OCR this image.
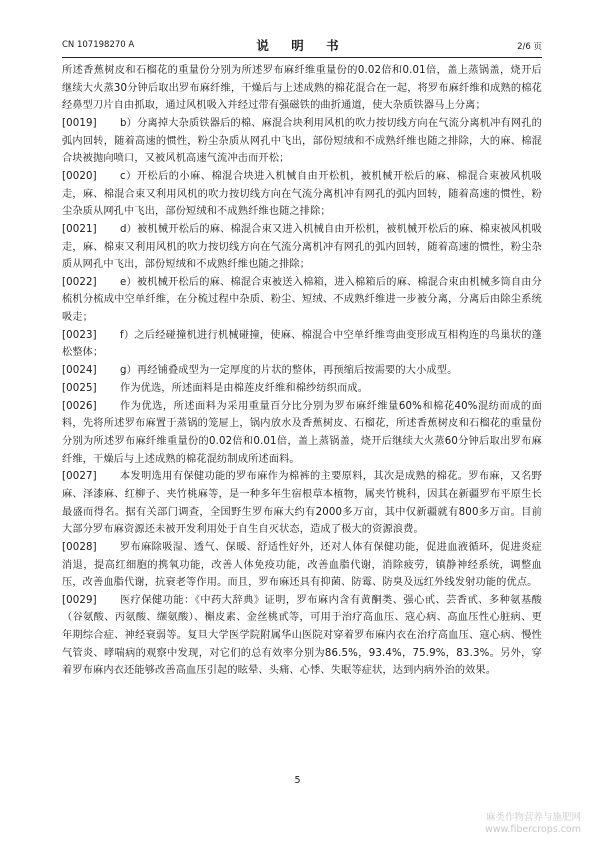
CN 107198270 A	说 明 书	2/6 页

所述香蕉树皮和石榴花的重量份分别为所述罗布麻纤维重量份的0.02倍和0.01倍，盖上蒸锅盖，烧开后继续大火蒸30分钟后取出罗布麻纤维，干燥后与上述成熟的棉花混合在一起，将罗布麻纤维和成熟的棉花经鼻型刀片自由抓取，通过风机吸入并经过带有强磁铁的曲折通道，使大杂质铁器马上分离；

[0019] b）分离掉大杂质铁器后的棉、麻混合块利用风机的吹力按切线方向在气流分离机冲有网孔的弧内回转，随着高速的惯性，粉尘杂质从网孔中飞出，部份短绒和不成熟纤维也随之排除，大的麻、棉混合块被抛向喷口，又被风机高速气流冲击而开松；
[0020] c）开松后的小麻、棉混合块进入机械自由开松机，被机械开松后的麻、棉混合束被风机吸走，麻、棉混合束又利用风机的吹力按切线方向在气流分离机冲有网孔的弧内回转，随着高速的惯性，粉尘杂质从网孔中飞出，部份短绒和不成熟纤维也随之排除；
[0021] d）被机械开松后的麻、棉混合束又进入机械自由开松机，被机械开松后的麻、棉束被风机吸走，麻、棉束又利用风机的吹力按切线方向在气流分离机冲有网孔的弧内回转，随着高速的惯性，粉尘杂质从网孔中飞出，部份短绒和不成熟纤维也随之排除；
[0022] e）被机械开松后的麻、棉混合束被送入棉箱，进入棉箱后的麻、棉混合束由机械多筒自由分梳机分梳成中空单纤维，在分梳过程中杂质、粉尘、短绒、不成熟纤维进一步被分离，分离后由除尘系统吸走；
[0023] f）之后经碰撞机进行机械碰撞，使麻、棉混合中空单纤维弯曲变形成互相构连的鸟巢状的蓬松整体；
[0024] g）再经铺叠成型为一定厚度的片状的整体，再预缩后按需要的大小成型。
[0025] 作为优选，所述面料是由棉莲皮纤维和棉纱纺织而成。
[0026] 作为优选，所述面料为采用重量百分比分别为罗布麻纤维量60%和棉花40%混纺而成的面料，先将所述罗布麻置于蒸锅的笼屉上，锅内放水及香蕉树皮、石榴花，所述香蕉树皮和石榴花的重量份分别为所述罗布麻纤维重量份的0.02倍和0.01倍，盖上蒸锅盖，烧开后继续大火蒸60分钟后取出罗布麻纤维，干燥后与上述成熟的棉花混纺制成所述面料。
[0027] 本发明选用有保健功能的罗布麻作为棉裤的主要原料，其次是成熟的棉花。罗布麻，又名野麻、泽漆麻、红柳子、夹竹桃麻等，是一种多年生宿根草本植物，属夹竹桃科，因其在新疆罗布平原生长最盛而得名。据有关部门调查，全国野生罗布麻大约有2000多万亩，其中仅新疆就有800多万亩。目前大部分罗布麻资源还未被开发利用处于自生自灭状态，造成了极大的资源浪费。
[0028] 罗布麻除吸湿、透气、保暖、舒适性好外，还对人体有保健功能，促进血液循环，促进炎症消退，提高红细胞的携氧功能，改善人体免疫功能，改善血脂代谢，消除疲劳，镇静神经系统，调整血压，改善血脂代谢，抗衰老等作用。而且，罗布麻还具有抑菌、防霉、防臭及远红外线发射功能的优点。
[0029] 医疗保健功能：《中药大辞典》证明，罗布麻内含有黄酮类、强心甙、芸香甙、多种氨基酸（谷氨酸、丙氨酸、缬氨酸）、槲皮素、金丝桃甙等，可用于治疗高血压、寇心病、高血压性心脏病、更年期综合症、神经衰弱等。复旦大学医学院附属华山医院对穿着罗布麻内衣在治疗高血压、寇心病、慢性气管炎、哮喘病的观察中发现，对它们的总有效率分别为86.5%，93.4%，75.9%，83.3%。另外，穿着罗布麻内衣还能够改善高血压引起的眩晕、头痛、心悸、失眠等症状，达到内病外治的效果。
5
麻类作物营养与施肥网
www.fibercrops.com
